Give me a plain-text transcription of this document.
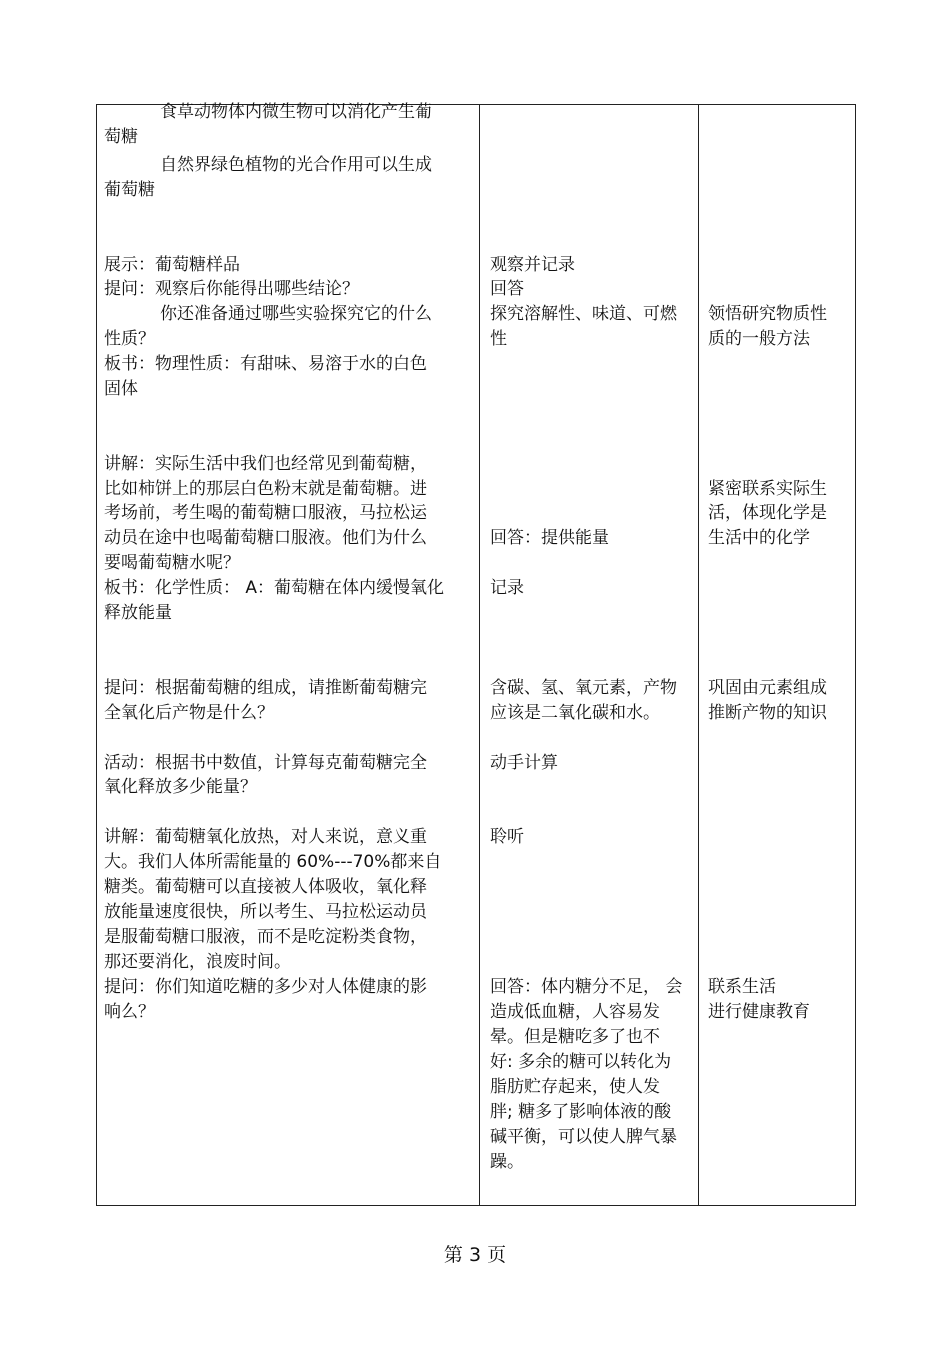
食草动物体内微生物可以消化产生葡
萄糖
自然界绿色植物的光合作用可以生成
葡萄糖
展示：葡萄糖样品
提问：观察后你能得出哪些结论？
你还准备通过哪些实验探究它的什么
性质？
板书：物理性质：有甜味、易溶于水的白色
固体
讲解：实际生活中我们也经常见到葡萄糖，
比如柿饼上的那层白色粉末就是葡萄糖。进
考场前，考生喝的葡萄糖口服液，马拉松运
动员在途中也喝葡萄糖口服液。他们为什么
要喝葡萄糖水呢？
板书：化学性质： A：葡萄糖在体内缓慢氧化
释放能量
提问：根据葡萄糖的组成，请推断葡萄糖完
全氧化后产物是什么？
活动：根据书中数值，计算每克葡萄糖完全
氧化释放多少能量？
讲解：葡萄糖氧化放热，对人来说，意义重
大。我们人体所需能量的 60%---70%都来自
糖类。葡萄糖可以直接被人体吸收，氧化释
放能量速度很快，所以考生、马拉松运动员
是服葡萄糖口服液，而不是吃淀粉类食物，
那还要消化，浪废时间。
提问：你们知道吃糖的多少对人体健康的影
响么？
观察并记录
回答
探究溶解性、味道、可燃
性
回答：提供能量
记录
含碳、氢、氧元素，产物
应该是二氧化碳和水。
动手计算
聆听
回答：体内糖分不足， 会
造成低血糖，人容易发
晕。但是糖吃多了也不
好: 多余的糖可以转化为
脂肪贮存起来，使人发
胖; 糖多了影响体液的酸
碱平衡，可以使人脾气暴
躁。
领悟研究物质性
质的一般方法
紧密联系实际生
活，体现化学是
生活中的化学
巩固由元素组成
推断产物的知识
联系生活
进行健康教育
第 3 页
